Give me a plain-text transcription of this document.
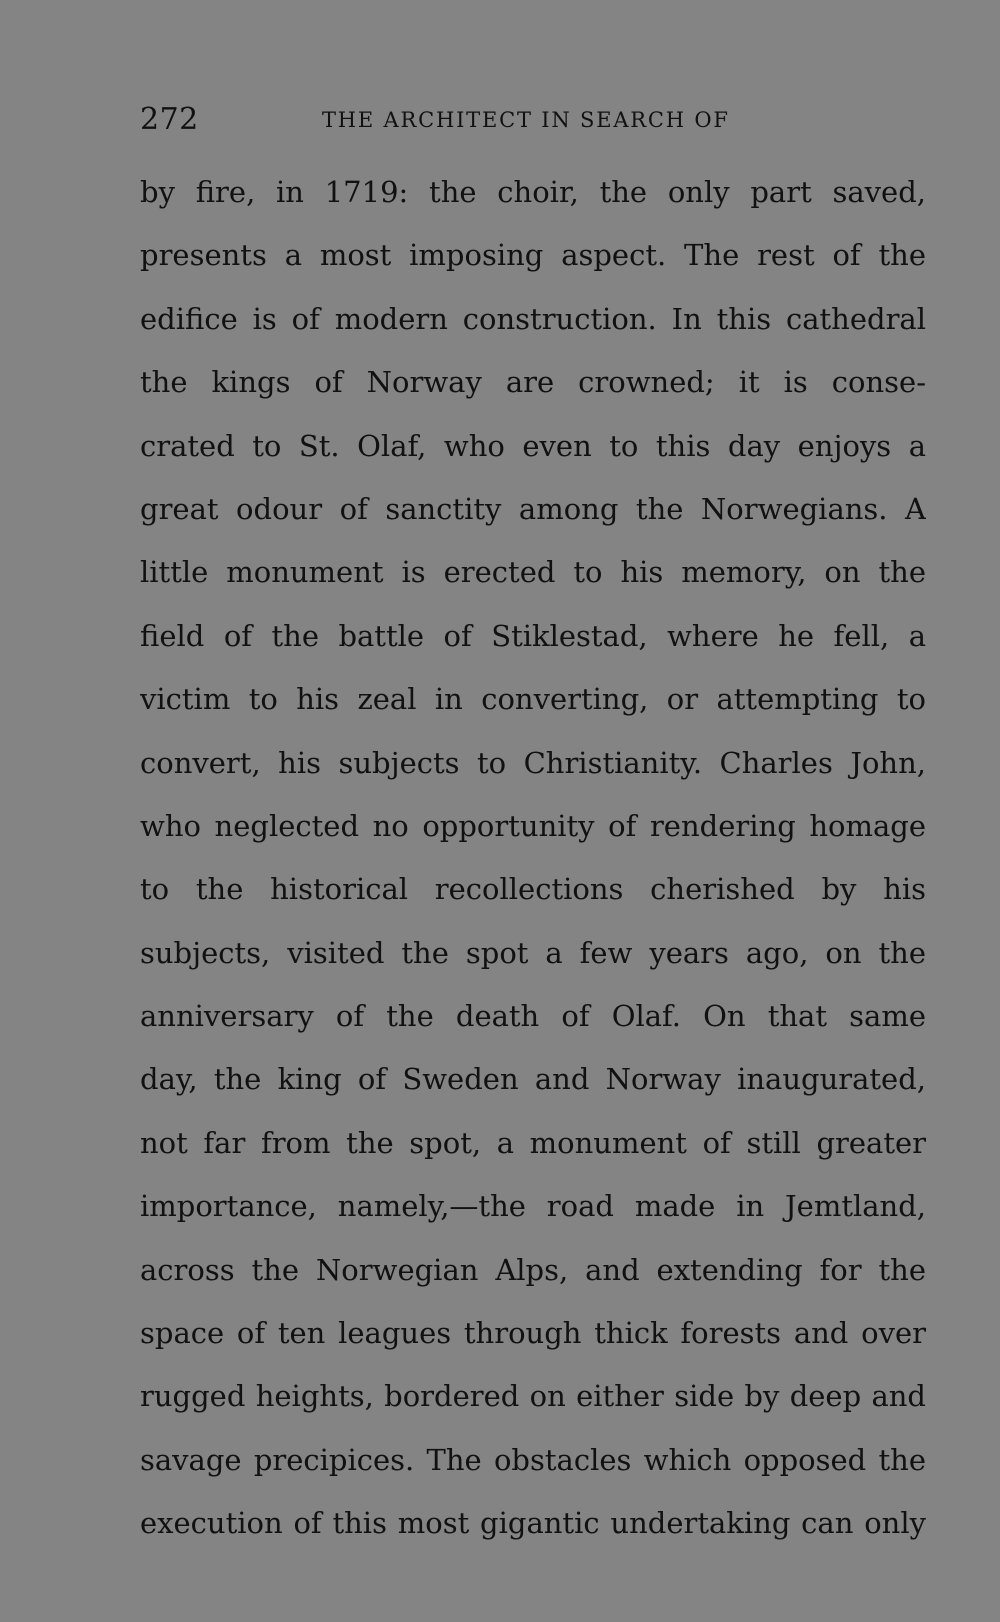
272	THE ARCHITECT IN SEARCH OF
by fire, in 1719: the choir, the only part saved,
presents a most imposing aspect. The rest of the
edifice is of modern construction. In this cathedral
the kings of Norway are crowned; it is conse-
crated to St. Olaf, who even to this day enjoys a
great odour of sanctity among the Norwegians. A
little monument is erected to his memory, on the
field of the battle of Stiklestad, where he fell, a
victim to his zeal in converting, or attempting to
convert, his subjects to Christianity. Charles John,
who neglected no opportunity of rendering homage
to the historical recollections cherished by his
subjects, visited the spot a few years ago, on the
anniversary of the death of Olaf. On that same
day, the king of Sweden and Norway inaugurated,
not far from the spot, a monument of still greater
importance, namely,—the road made in Jemtland,
across the Norwegian Alps, and extending for the
space of ten leagues through thick forests and over
rugged heights, bordered on either side by deep and
savage precipices. The obstacles which opposed the
execution of this most gigantic undertaking can only
